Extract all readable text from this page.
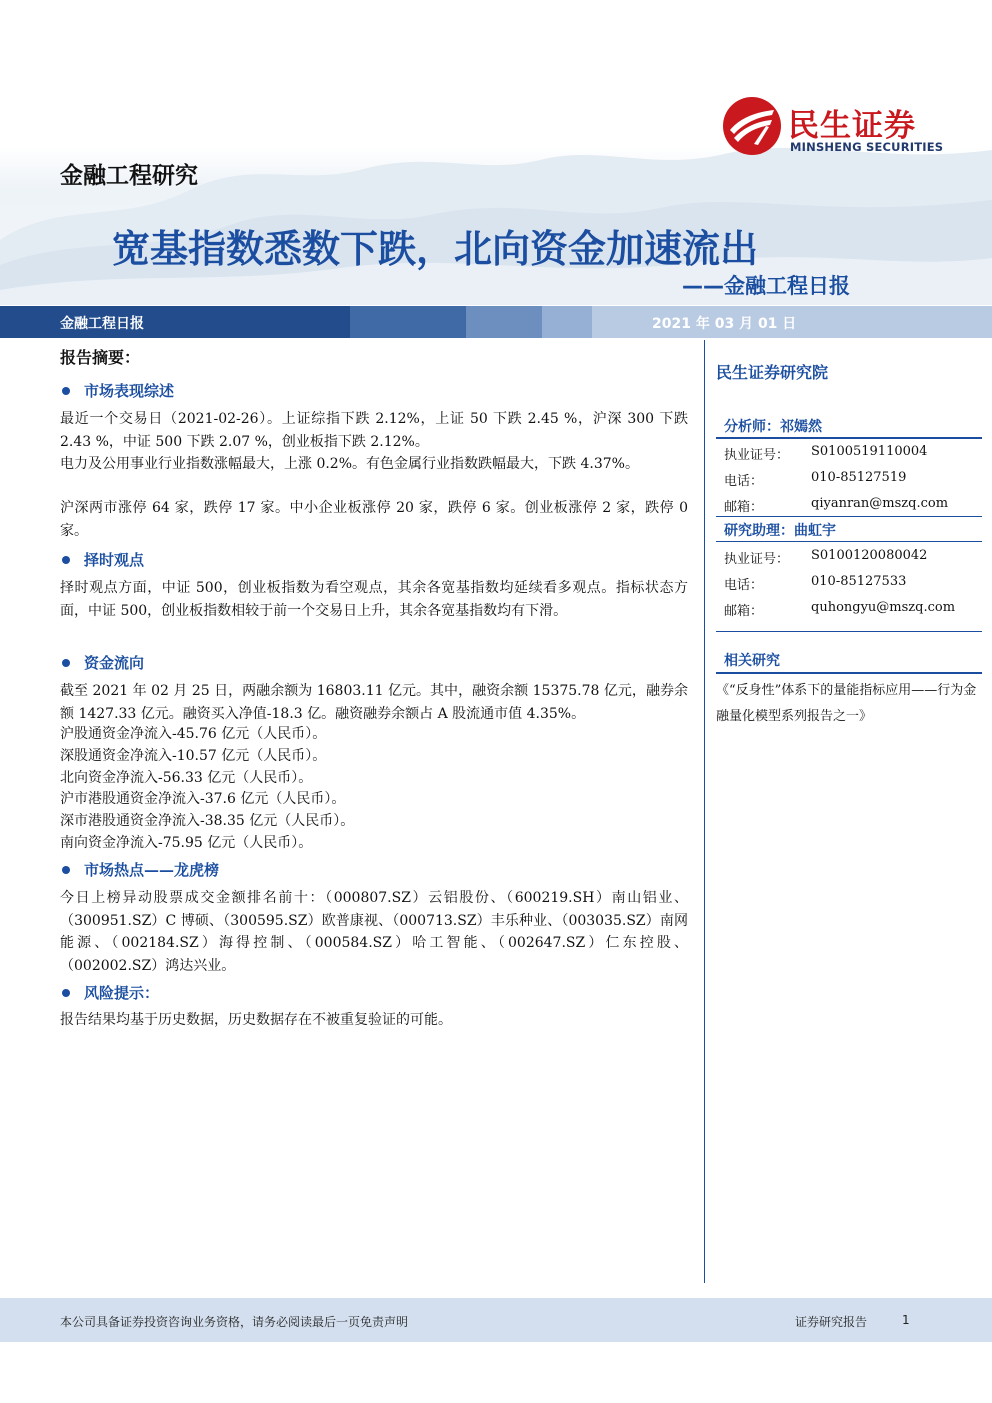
民生证券
MINSHENG SECURITIES
金融工程研究
宽基指数悉数下跌，北向资金加速流出
——金融工程日报
金融工程日报	2021 年 03 月 01 日
报告摘要：
市场表现综述
最近一个交易日（2021-02-26）。上证综指下跌 2.12%，上证 50 下跌 2.45 %，沪深 300 下跌 2.43 %，中证 500 下跌 2.07 %，创业板指下跌 2.12%。
电力及公用事业行业指数涨幅最大，上涨 0.2%。有色金属行业指数跌幅最大，下跌 4.37%。
沪深两市涨停 64 家，跌停 17 家。中小企业板涨停 20 家，跌停 6 家。创业板涨停 2 家，跌停 0 家。
择时观点
择时观点方面，中证 500，创业板指数为看空观点，其余各宽基指数均延续看多观点。指标状态方面，中证 500，创业板指数相较于前一个交易日上升，其余各宽基指数均有下滑。
资金流向
截至 2021 年 02 月 25 日，两融余额为 16803.11 亿元。其中，融资余额 15375.78 亿元，融券余额 1427.33 亿元。融资买入净值-18.3 亿。融资融券余额占 A 股流通市值 4.35%。
沪股通资金净流入-45.76 亿元（人民币）。
深股通资金净流入-10.57 亿元（人民币）。
北向资金净流入-56.33 亿元（人民币）。
沪市港股通资金净流入-37.6 亿元（人民币）。
深市港股通资金净流入-38.35 亿元（人民币）。
南向资金净流入-75.95 亿元（人民币）。
市场热点——龙虎榜
今日上榜异动股票成交金额排名前十：（000807.SZ）云铝股份、（600219.SH）南山铝业、（300951.SZ）C 博硕、（300595.SZ）欧普康视、（000713.SZ）丰乐种业、（003035.SZ）南网能源、（002184.SZ）海得控制、（000584.SZ）哈工智能、（002647.SZ）仁东控股、（002002.SZ）鸿达兴业。
风险提示：
报告结果均基于历史数据，历史数据存在不被重复验证的可能。
民生证券研究院
分析师：祁嫣然
执业证号：	S0100519110004
电话：	010-85127519
邮箱：	qiyanran@mszq.com
研究助理：曲虹宇
执业证号：	S0100120080042
电话：	010-85127533
邮箱：	quhongyu@mszq.com
相关研究
《“反身性”体系下的量能指标应用——行为金融量化模型系列报告之一》
本公司具备证券投资咨询业务资格，请务必阅读最后一页免责声明	证券研究报告	1
